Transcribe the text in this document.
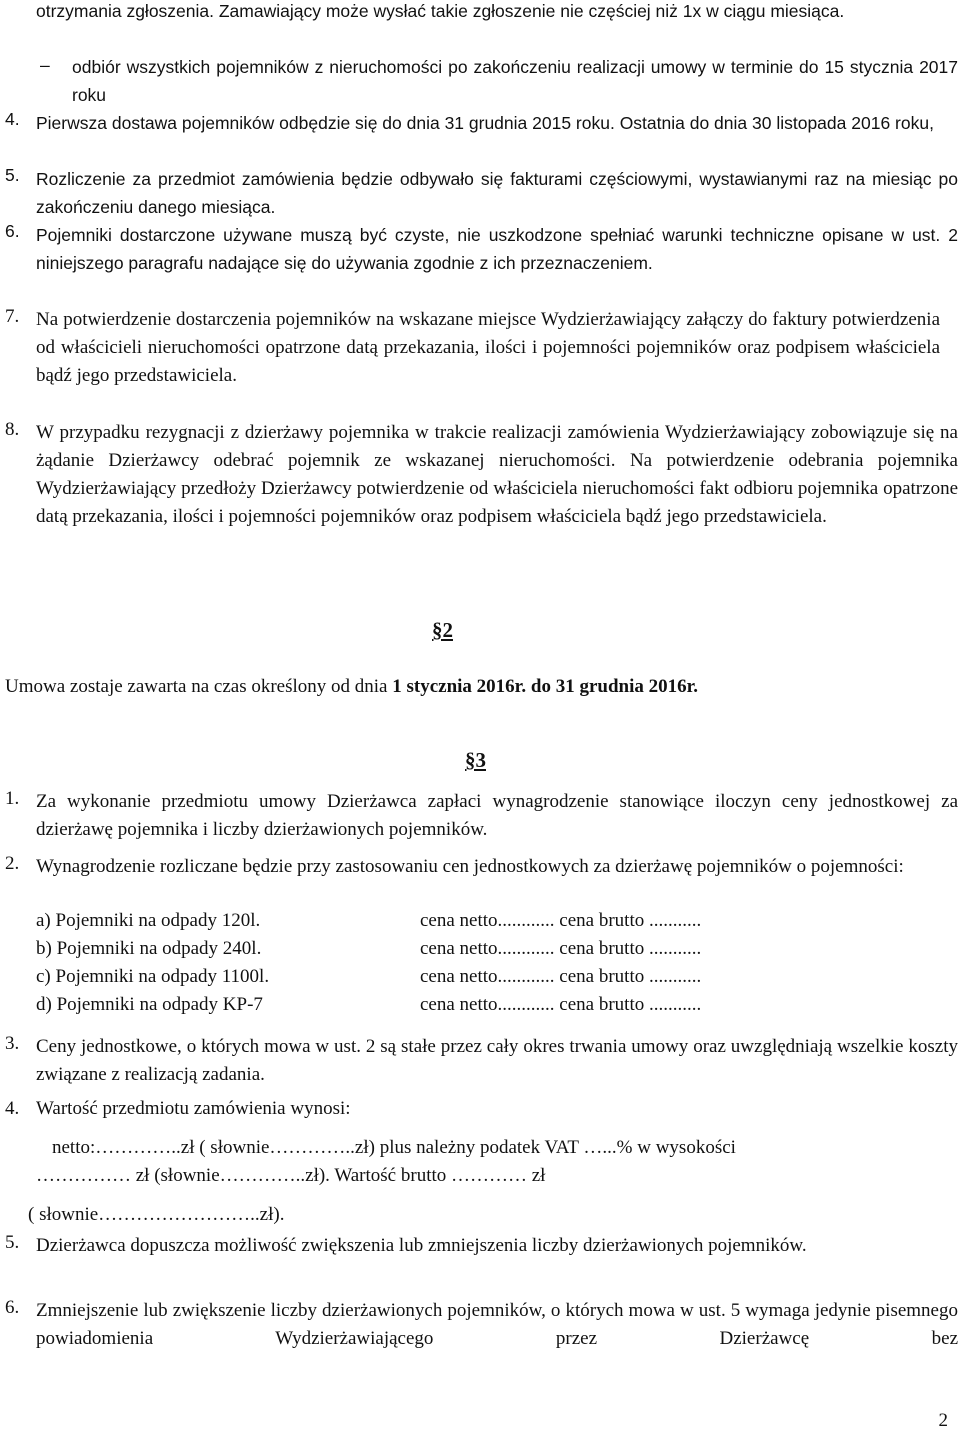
otrzymania zgłoszenia. Zamawiający może wysłać takie zgłoszenie nie częściej niż 1x w ciągu miesiąca.
– odbiór wszystkich pojemników z nieruchomości po zakończeniu realizacji umowy w terminie do 15 stycznia 2017 roku
4. Pierwsza dostawa pojemników odbędzie się do dnia 31 grudnia 2015 roku. Ostatnia do dnia 30 listopada 2016 roku,
5. Rozliczenie za przedmiot zamówienia będzie odbywało się fakturami częściowymi, wystawianymi raz na miesiąc po zakończeniu danego miesiąca.
6. Pojemniki dostarczone używane muszą być czyste, nie uszkodzone spełniać warunki techniczne opisane w ust. 2 niniejszego paragrafu nadające się do używania zgodnie z ich przeznaczeniem.
7. Na potwierdzenie dostarczenia pojemników na wskazane miejsce Wydzierżawiający załączy do faktury potwierdzenia od właścicieli nieruchomości opatrzone datą przekazania, ilości i pojemności pojemników oraz podpisem właściciela bądź jego przedstawiciela.
8. W przypadku rezygnacji z dzierżawy pojemnika w trakcie realizacji zamówienia Wydzierżawiający zobowiązuje się na żądanie Dzierżawcy odebrać pojemnik ze wskazanej nieruchomości. Na potwierdzenie odebrania pojemnika Wydzierżawiający przedłoży Dzierżawcy potwierdzenie od właściciela nieruchomości fakt odbioru pojemnika opatrzone datą przekazania, ilości i pojemności pojemników oraz podpisem właściciela bądź jego przedstawiciela.
§2
Umowa zostaje zawarta na czas określony od dnia 1 stycznia 2016r. do 31 grudnia 2016r.
§3
1. Za wykonanie przedmiotu umowy Dzierżawca zapłaci wynagrodzenie stanowiące iloczyn ceny jednostkowej za dzierżawę pojemnika i liczby dzierżawionych pojemników.
2. Wynagrodzenie rozliczane będzie przy zastosowaniu cen jednostkowych za dzierżawę pojemników o pojemności:
a) Pojemniki na odpady 120l.	cena netto............ cena brutto ...........
b) Pojemniki na odpady 240l.	cena netto............ cena brutto ...........
c) Pojemniki na odpady 1100l.	cena netto............ cena brutto ...........
d) Pojemniki na odpady KP-7	cena netto............ cena brutto ...........
3. Ceny jednostkowe, o których mowa w ust. 2 są stałe przez cały okres trwania umowy oraz uwzględniają wszelkie koszty związane z realizacją zadania.
4. Wartość przedmiotu zamówienia wynosi:
netto:…………..zł ( słownie…………..zł) plus należny podatek VAT …...% w wysokości
…………… zł (słownie…………..zł). Wartość brutto ………… zł
( słownie……………………..zł).
5. Dzierżawca dopuszcza możliwość zwiększenia lub zmniejszenia liczby dzierżawionych pojemników.
6. Zmniejszenie lub zwiększenie liczby dzierżawionych pojemników, o których mowa w ust. 5 wymaga jedynie pisemnego powiadomienia Wydzierżawiającego przez Dzierżawcę bez
2
